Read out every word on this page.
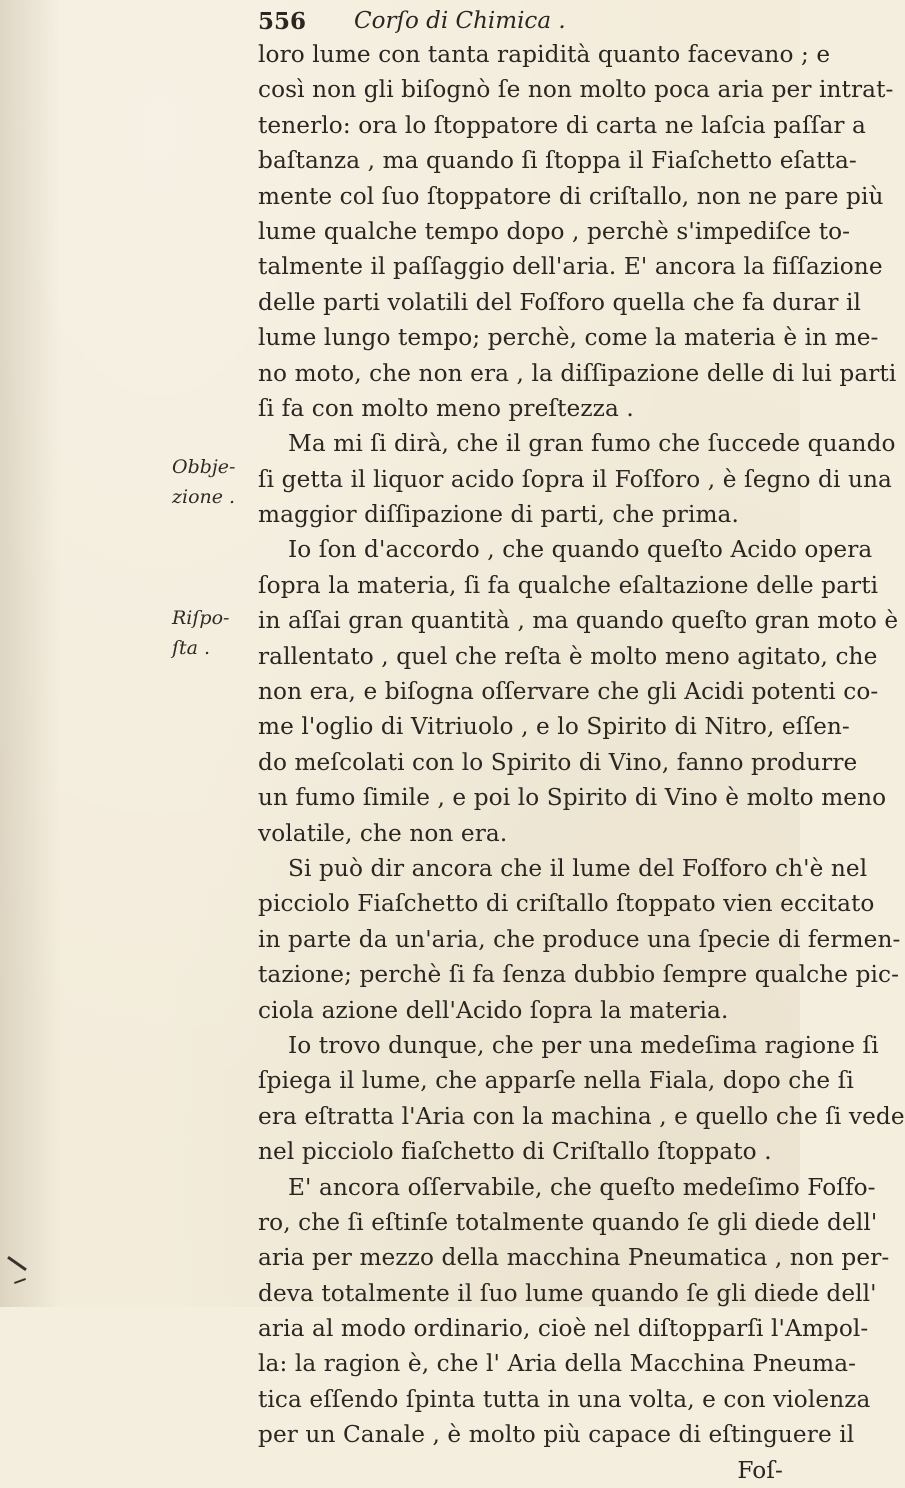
556 Corſo di Chimica .
Obbje-
zione .
Riſpo-
ſta .
loro lume con tanta rapidità quanto facevano ; e
così non gli biſognò ſe non molto poca aria per intrat-
tenerlo: ora lo ſtoppatore di carta ne laſcia paſſar a
baſtanza , ma quando ſi ſtoppa il Fiaſchetto eſatta-
mente col ſuo ſtoppatore di criſtallo, non ne pare più
lume qualche tempo dopo , perchè s'impediſce to-
talmente il paſſaggio dell'aria. E' ancora la fiſſazione
delle parti volatili del Foſforo quella che fa durar il
lume lungo tempo; perchè, come la materia è in me-
no moto, che non era , la diſſipazione delle di lui parti
ſi fa con molto meno preſtezza .
Ma mi ſi dirà, che il gran fumo che ſuccede quando
ſi getta il liquor acido ſopra il Foſforo , è ſegno di una
maggior diſſipazione di parti, che prima.
Io ſon d'accordo , che quando queſto Acido opera
ſopra la materia, ſi fa qualche eſaltazione delle parti
in aſſai gran quantità , ma quando queſto gran moto è
rallentato , quel che reſta è molto meno agitato, che
non era, e biſogna oſſervare che gli Acidi potenti co-
me l'oglio di Vitriuolo , e lo Spirito di Nitro, eſſen-
do meſcolati con lo Spirito di Vino, fanno produrre
un fumo ſimile , e poi lo Spirito di Vino è molto meno
volatile, che non era.
Si può dir ancora che il lume del Foſforo ch'è nel
picciolo Fiaſchetto di criſtallo ſtoppato vien eccitato
in parte da un'aria, che produce una ſpecie di fermen-
tazione; perchè ſi fa ſenza dubbio ſempre qualche pic-
ciola azione dell'Acido ſopra la materia.
Io trovo dunque, che per una medeſima ragione ſi
ſpiega il lume, che apparſe nella Fiala, dopo che ſi
era eſtratta l'Aria con la machina , e quello che ſi vede
nel picciolo fiaſchetto di Criſtallo ſtoppato .
E' ancora oſſervabile, che queſto medeſimo Foſfo-
ro, che ſi eſtinſe totalmente quando ſe gli diede dell'
aria per mezzo della macchina Pneumatica , non per-
deva totalmente il ſuo lume quando ſe gli diede dell'
aria al modo ordinario, cioè nel diſtopparſi l'Ampol-
la: la ragion è, che l' Aria della Macchina Pneuma-
tica eſſendo ſpinta tutta in una volta, e con violenza
per un Canale , è molto più capace di eſtinguere il
Foſ-
